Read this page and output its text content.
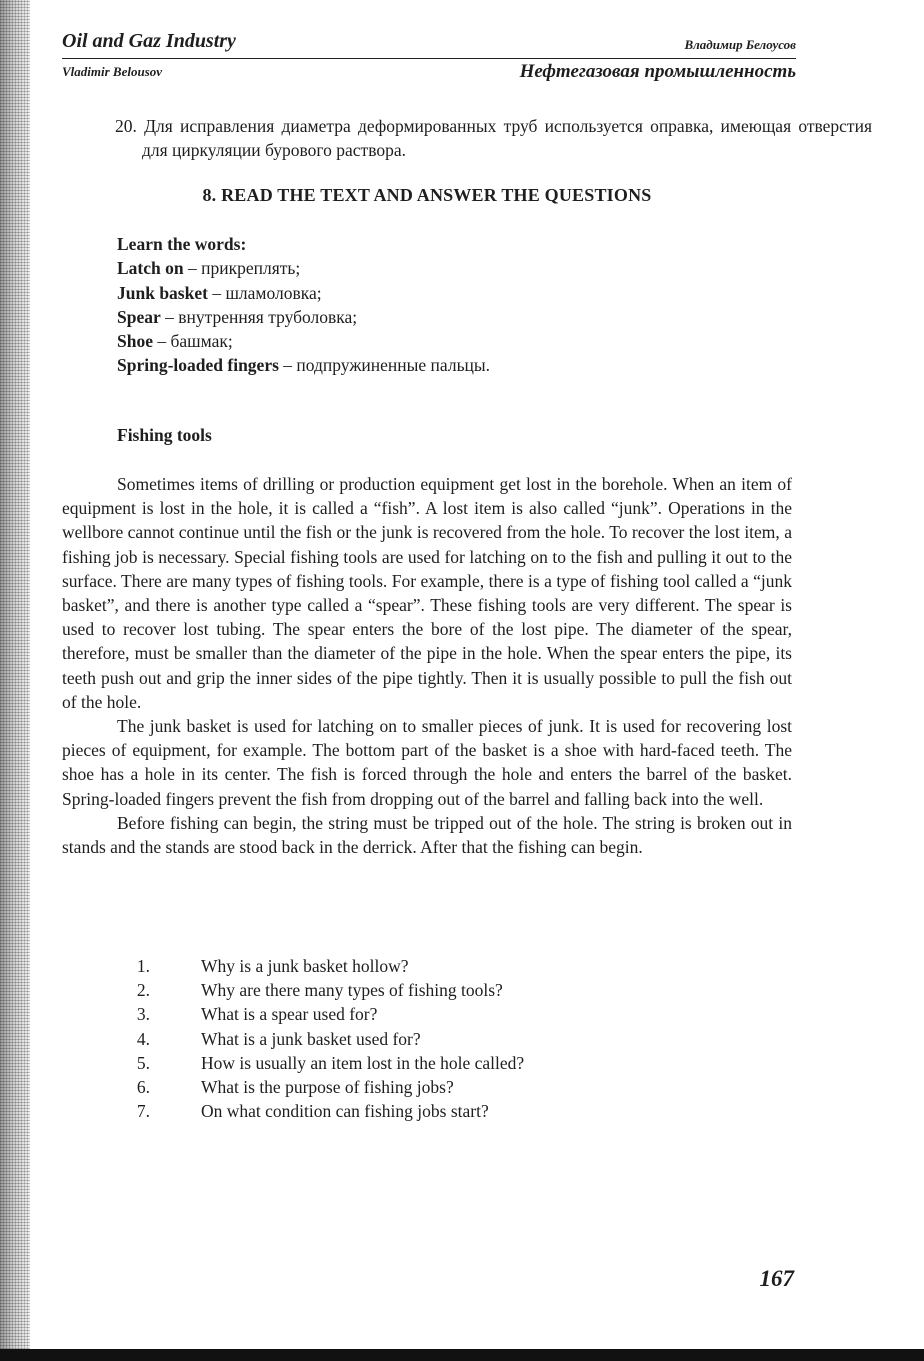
Oil and Gaz Industry	Владимир Белоусов
Vladimir Belousov	Нефтегазовая промышленность
20. Для исправления диаметра деформированных труб используется оправка, имеющая отверстия для циркуляции бурового раствора.
8. READ THE TEXT AND ANSWER THE QUESTIONS
Learn the words:
Latch on – прикреплять;
Junk basket – шламоловка;
Spear – внутренняя труболовка;
Shoe – башмак;
Spring-loaded fingers – подпружиненные пальцы.
Fishing tools

Sometimes items of drilling or production equipment get lost in the borehole. When an item of equipment is lost in the hole, it is called a “fish”. A lost item is also called “junk”. Operations in the wellbore cannot continue until the fish or the junk is recovered from the hole. To recover the lost item, a fishing job is necessary. Special fishing tools are used for latching on to the fish and pulling it out to the surface. There are many types of fishing tools. For example, there is a type of fishing tool called a “junk basket”, and there is another type called a “spear”. These fishing tools are very different. The spear is used to recover lost tubing. The spear enters the bore of the lost pipe. The diameter of the spear, therefore, must be smaller than the diameter of the pipe in the hole. When the spear enters the pipe, its teeth push out and grip the inner sides of the pipe tightly. Then it is usually possible to pull the fish out of the hole.

The junk basket is used for latching on to smaller pieces of junk. It is used for recovering lost pieces of equipment, for example. The bottom part of the basket is a shoe with hard-faced teeth. The shoe has a hole in its center. The fish is forced through the hole and enters the barrel of the basket. Spring-loaded fingers prevent the fish from dropping out of the barrel and falling back into the well.

Before fishing can begin, the string must be tripped out of the hole. The string is broken out in stands and the stands are stood back in the derrick. After that the fishing can begin.

1.	Why is a junk basket hollow?
2.	Why are there many types of fishing tools?
3.	What is a spear used for?
4.	What is a junk basket used for?
5.	How is usually an item lost in the hole called?
6.	What is the purpose of fishing jobs?
7.	On what condition can fishing jobs start?
167
